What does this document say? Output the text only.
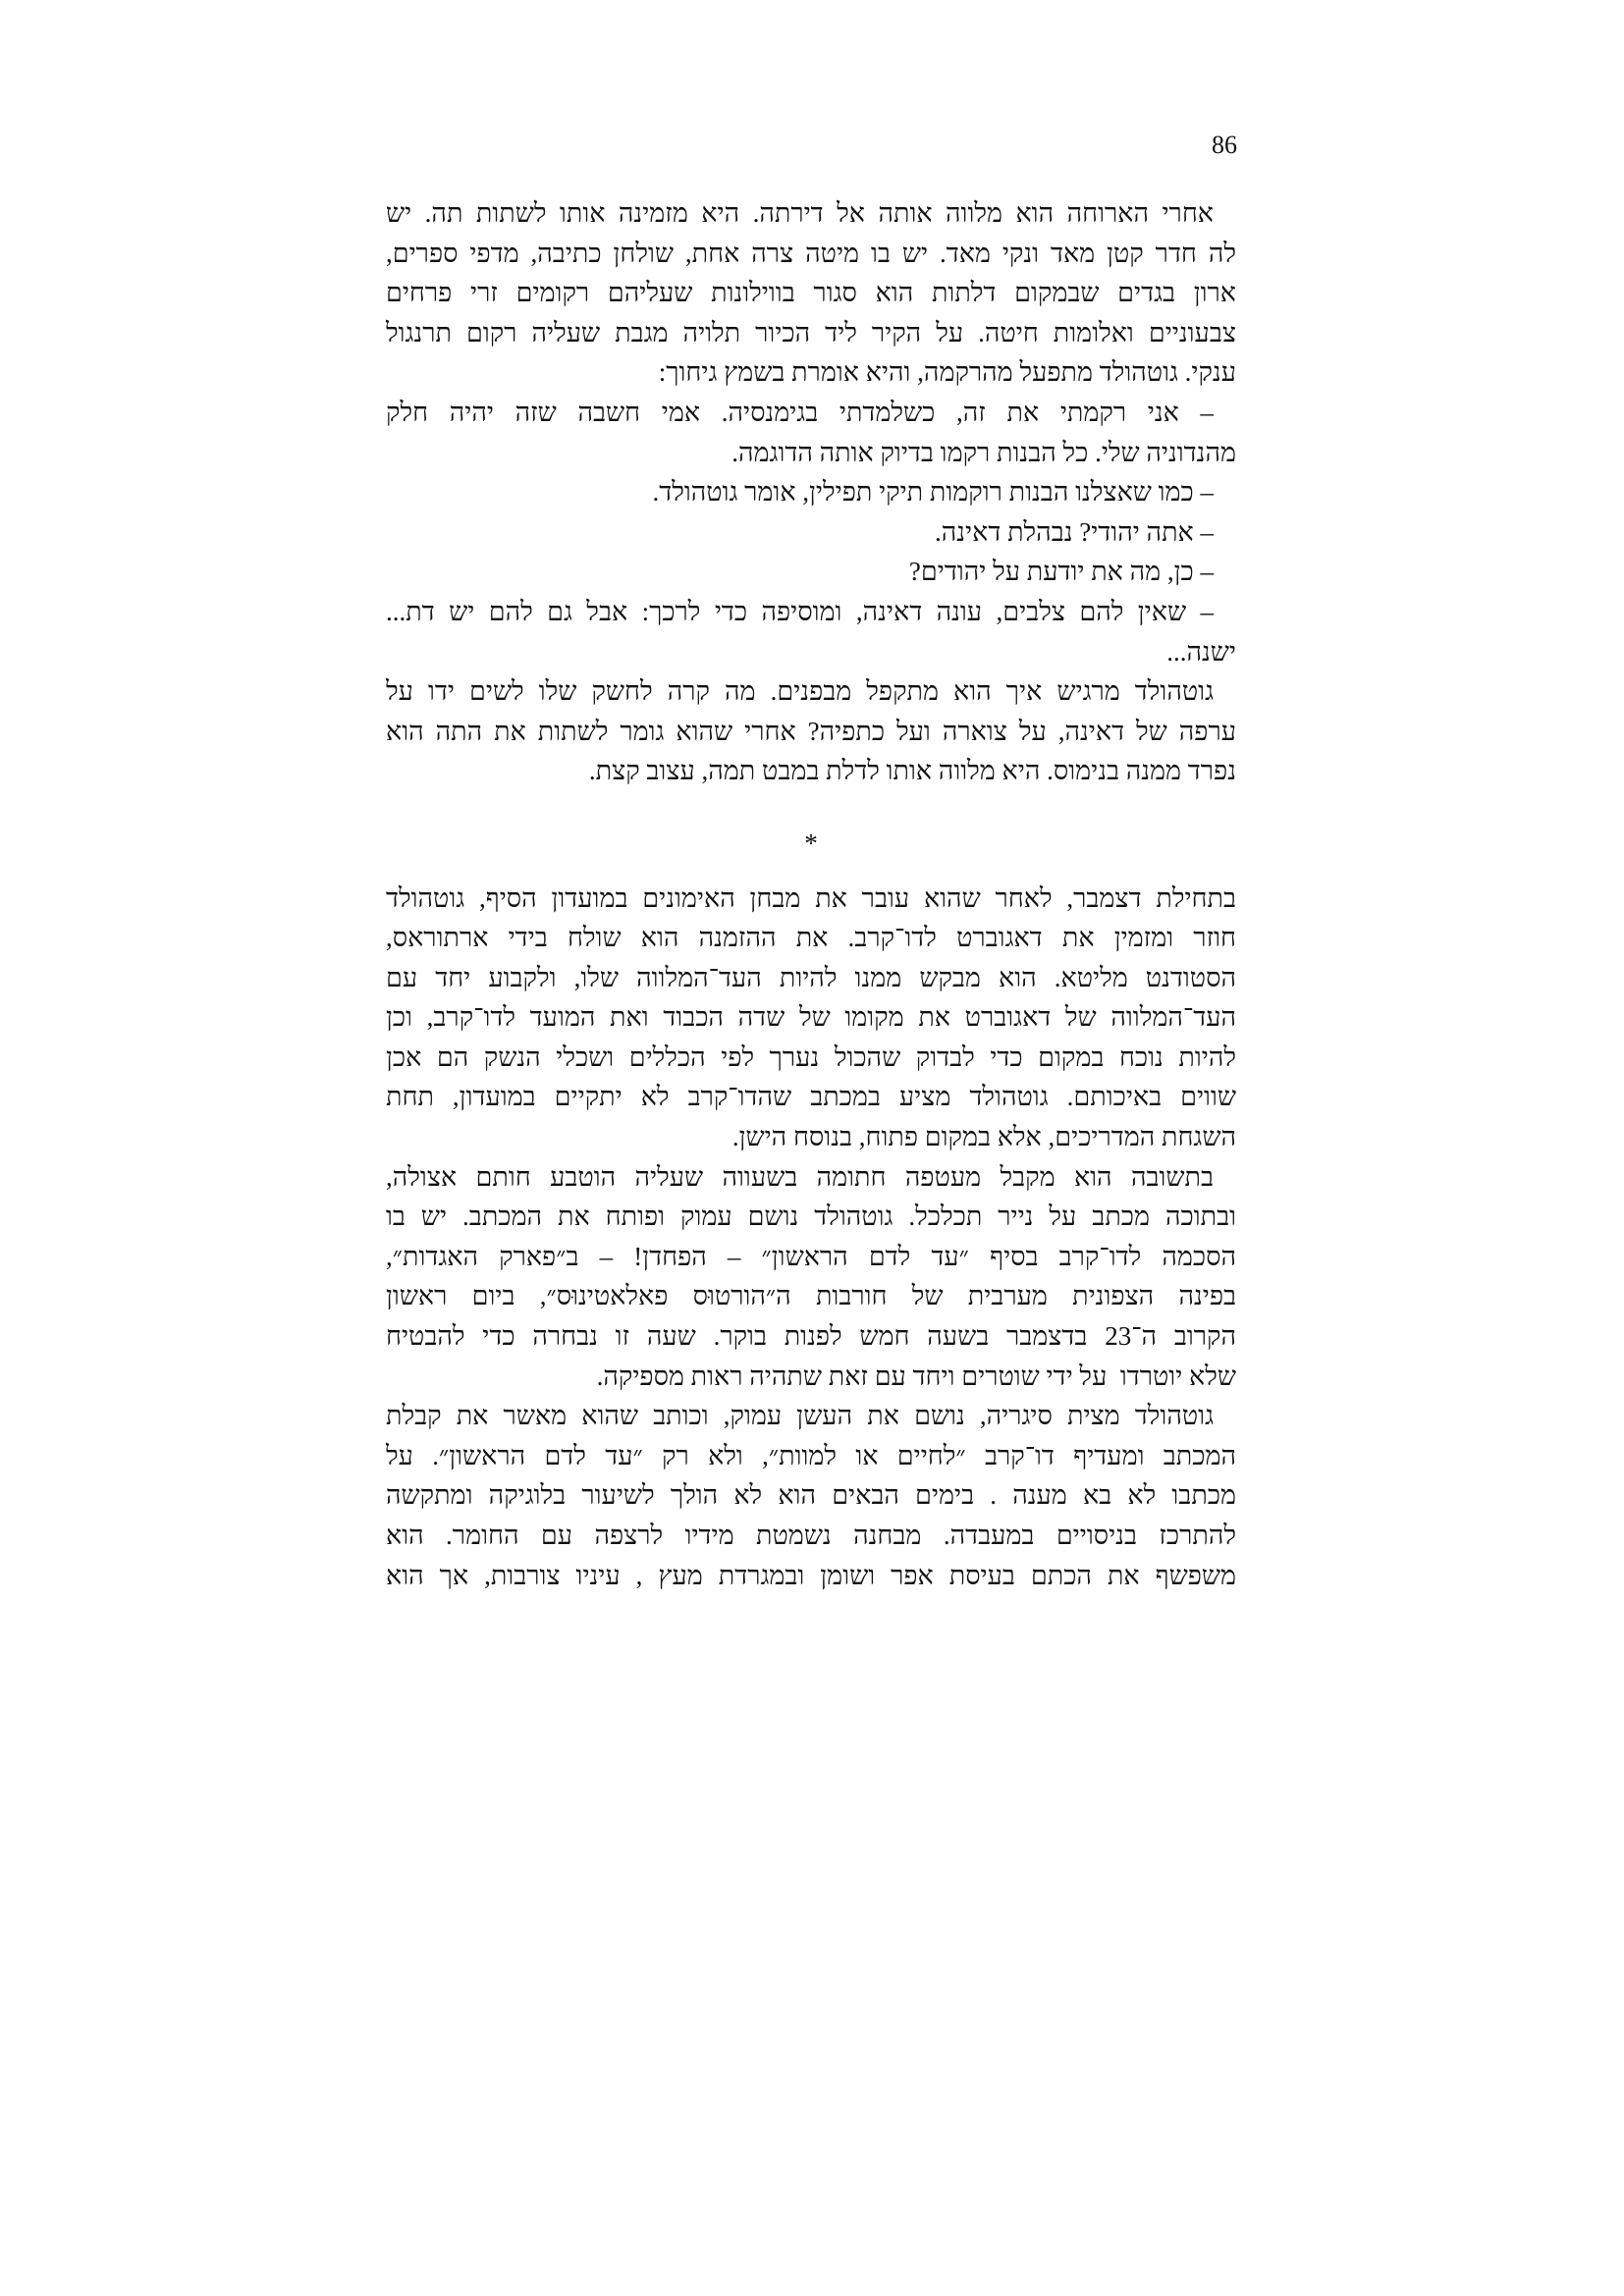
86
אחרי הארוחה הוא מלווה אותה אל דירתה. היא מזמינה אותו לשתות תה. יש
לה חדר קטן מאד ונקי מאד. יש בו מיטה צרה אחת, שולחן כתיבה, מדפי ספרים,
ארון בגדים שבמקום דלתות הוא סגור בווילונות שעליהם רקומים זרי פרחים
צבעוניים ואלומות חיטה. על הקיר ליד הכיור תלויה מגבת שעליה רקום תרנגול
ענקי. גוטהולד מתפעל מהרקמה, והיא אומרת בשמץ גיחוך:
– אני רקמתי את זה, כשלמדתי בגימנסיה. אמי חשבה שזה יהיה חלק
מהנדוניה שלי. כל הבנות רקמו בדיוק אותה הדוגמה.
– כמו שאצלנו הבנות רוקמות תיקי תפילין, אומר גוטהולד.
– אתה יהודי? נבהלת דאינה.
– כן, מה את יודעת על יהודים?
– שאין להם צלבים, עונה דאינה, ומוסיפה כדי לרכך: אבל גם להם יש דת...
ישנה...
גוטהולד מרגיש איך הוא מתקפל מבפנים. מה קרה לחשק שלו לשים ידו על
ערפה של דאינה, על צוארה ועל כתפיה? אחרי שהוא גומר לשתות את התה הוא
נפרד ממנה בנימוס. היא מלווה אותו לדלת במבט תמה, עצוב קצת.
*
בתחילת דצמבר, לאחר שהוא עובר את מבחן האימונים במועדון הסיף, גוטהולד
חוזר ומזמין את דאגוברט לדו־קרב. את ההזמנה הוא שולח בידי ארתוראס,
הסטודנט מליטא. הוא מבקש ממנו להיות העד־המלווה שלו, ולקבוע יחד עם
העד־המלווה של דאגוברט את מקומו של שדה הכבוד ואת המועד לדו־קרב, וכן
להיות נוכח במקום כדי לבדוק שהכול נערך לפי הכללים ושכלי הנשק הם אכן
שווים באיכותם. גוטהולד מציע במכתב שהדו־קרב לא יתקיים במועדון, תחת
השגחת המדריכים, אלא במקום פתוח, בנוסח הישן.
בתשובה הוא מקבל מעטפה חתומה בשעווה שעליה הוטבע חותם אצולה,
ובתוכה מכתב על נייר תכלכל. גוטהולד נושם עמוק ופותח את המכתב. יש בו
הסכמה לדו־קרב בסיף ״עד לדם הראשון״ – הפחדן! – ב״פארק האגדות״,
בפינה הצפונית מערבית של חורבות ה״הורטוּס פאלאטינוּס״, ביום ראשון
הקרוב ה־23 בדצמבר בשעה חמש לפנות בוקר. שעה זו נבחרה כדי להבטיח
שלא יוטרדו  על ידי שוטרים ויחד עם זאת שתהיה ראות מספיקה.
גוטהולד מצית סיגריה, נושם את העשן עמוק, וכותב שהוא מאשר את קבלת
המכתב ומעדיף דו־קרב ״לחיים או למוות״, ולא רק ״עד לדם הראשון״. על
מכתבו לא בא מענה . בימים הבאים הוא לא הולך לשיעור בלוגיקה ומתקשה
להתרכז בניסויים במעבדה. מבחנה נשמטת מידיו לרצפה עם החומר. הוא
משפשף את הכתם בעיסת אפר ושומן ובמגרדת מעץ , עיניו צורבות, אך הוא
